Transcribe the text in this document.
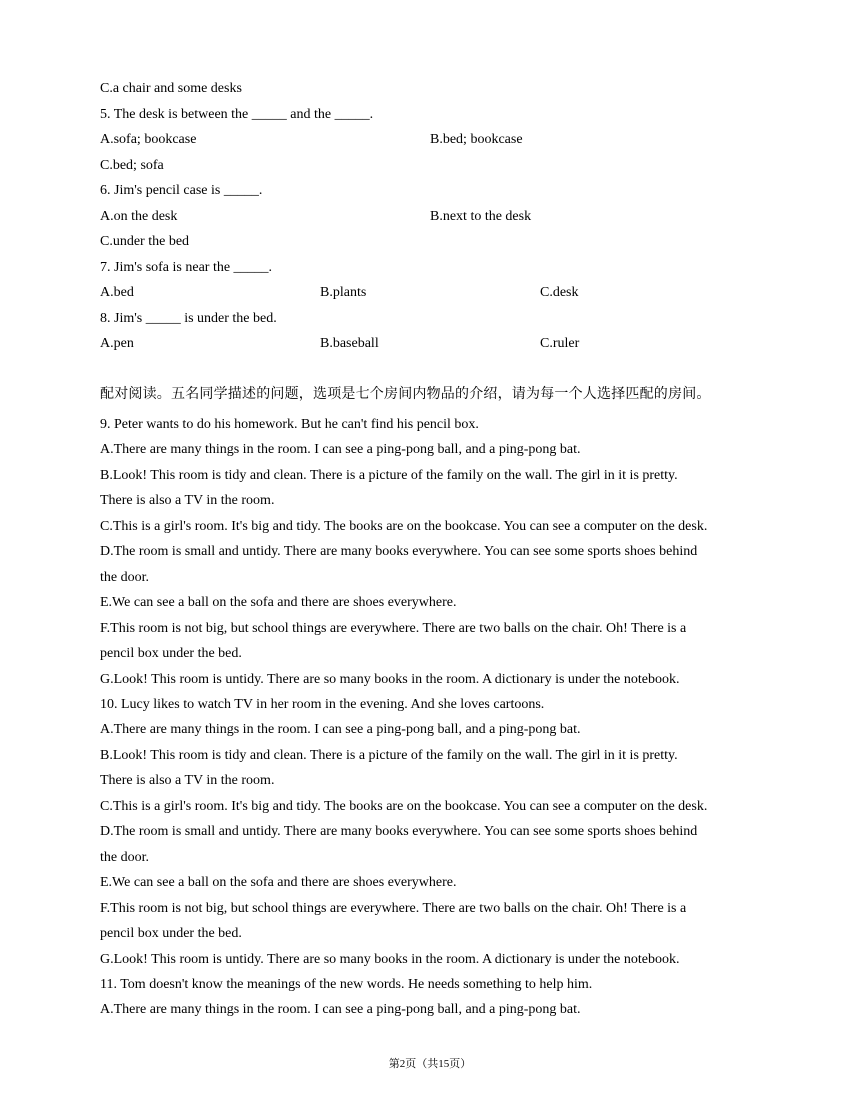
C.a chair and some desks
5. The desk is between the _____ and the _____.
A.sofa; bookcase	B.bed; bookcase
C.bed; sofa
6. Jim's pencil case is _____.
A.on the desk	B.next to the desk
C.under the bed
7. Jim's sofa is near the _____.
A.bed	B.plants	C.desk
8. Jim's _____ is under the bed.
A.pen	B.baseball	C.ruler
配对阅读。五名同学描述的问题，选项是七个房间内物品的介绍，请为每一个人选择匹配的房间。
9. Peter wants to do his homework. But he can't find his pencil box.
A.There are many things in the room. I can see a ping-pong ball, and a ping-pong bat.
B.Look! This room is tidy and clean. There is a picture of the family on the wall. The girl in it is pretty.
There is also a TV in the room.
C.This is a girl's room. It's big and tidy. The books are on the bookcase. You can see a computer on the desk.
D.The room is small and untidy. There are many books everywhere. You can see some sports shoes behind
the door.
E.We can see a ball on the sofa and there are shoes everywhere.
F.This room is not big, but school things are everywhere. There are two balls on the chair. Oh! There is a
pencil box under the bed.
G.Look! This room is untidy. There are so many books in the room. A dictionary is under the notebook.
10. Lucy likes to watch TV in her room in the evening. And she loves cartoons.
A.There are many things in the room. I can see a ping-pong ball, and a ping-pong bat.
B.Look! This room is tidy and clean. There is a picture of the family on the wall. The girl in it is pretty.
There is also a TV in the room.
C.This is a girl's room. It's big and tidy. The books are on the bookcase. You can see a computer on the desk.
D.The room is small and untidy. There are many books everywhere. You can see some sports shoes behind
the door.
E.We can see a ball on the sofa and there are shoes everywhere.
F.This room is not big, but school things are everywhere. There are two balls on the chair. Oh! There is a
pencil box under the bed.
G.Look! This room is untidy. There are so many books in the room. A dictionary is under the notebook.
11. Tom doesn't know the meanings of the new words. He needs something to help him.
A.There are many things in the room. I can see a ping-pong ball, and a ping-pong bat.
第2页（共15页）
